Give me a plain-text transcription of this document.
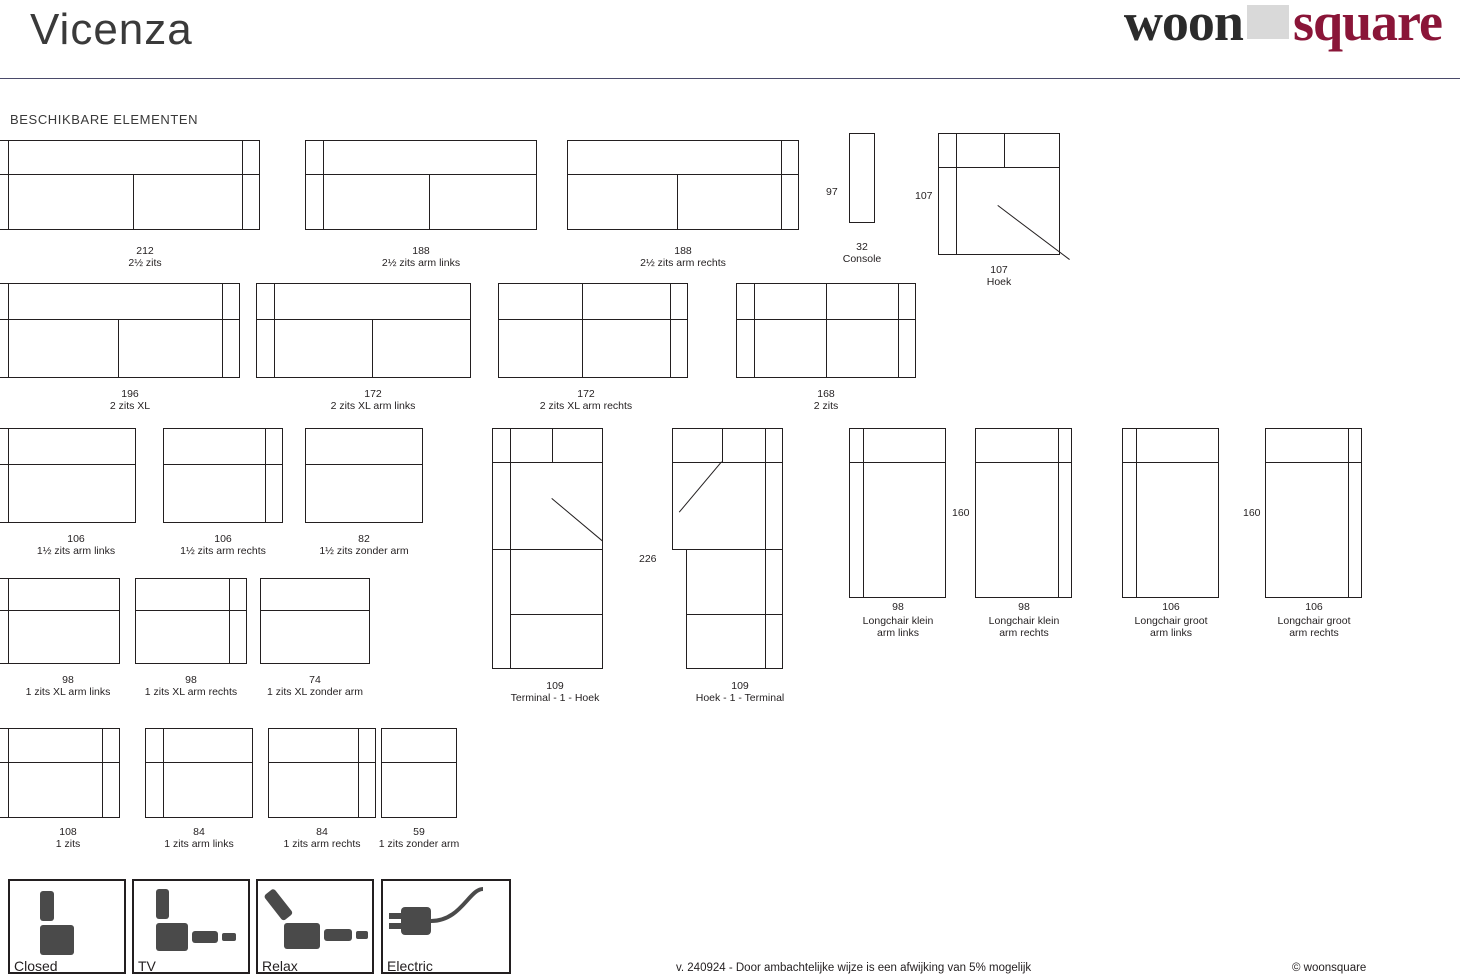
Vicenza	woon square
BESCHIKBARE ELEMENTEN
212
2½ zits
188
2½ zits arm links
188
2½ zits arm rechts
97
32
Console
107
107
Hoek
196
2 zits XL
172
2 zits XL arm links
172
2 zits XL arm rechts
168
2 zits
106
1½ zits arm links
106
1½ zits arm rechts
82
1½ zits zonder arm
226
109
Terminal - 1 - Hoek
109
Hoek - 1 - Terminal
160
98
Longchair klein
arm links
98
Longchair klein
arm rechts
160
106
Longchair groot
arm links
106
Longchair groot
arm rechts
98
1 zits XL arm links
98
1 zits XL arm rechts
74
1 zits XL zonder arm
108
1 zits
84
1 zits arm links
84
1 zits arm rechts
59
1 zits zonder arm
Closed	TV	Relax	Electric	v. 240924 - Door ambachtelijke wijze is een afwijking van 5% mogelijk	© woonsquare
